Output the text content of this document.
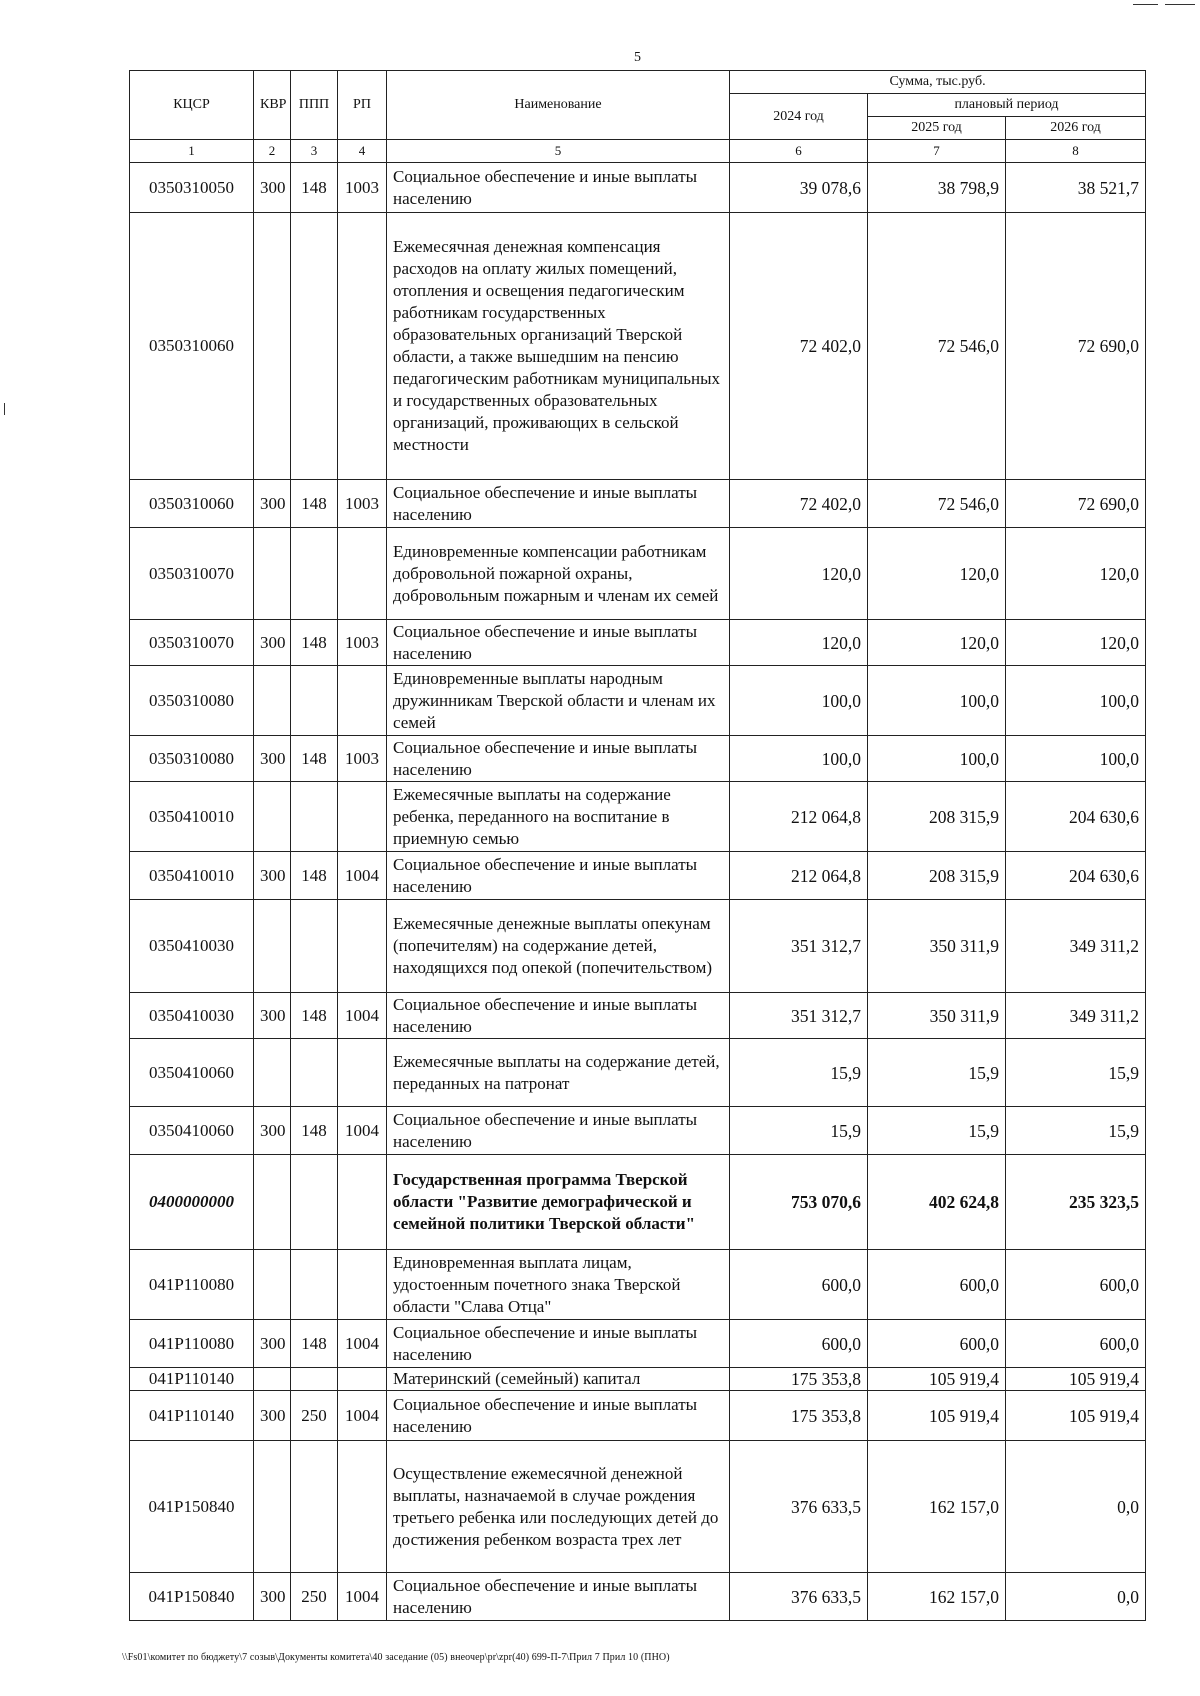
5
КЦСР	КВР	ППП	РП	Наименование	Сумма, тыс.руб.		
					2024 год	плановый период	
						2025 год	2026 год
1	2	3	4	5	6	7	8
0350310050	300	148	1003	Социальное обеспечение и иные выплаты населению	39 078,6	38 798,9	38 521,7
0350310060				Ежемесячная денежная компенсация расходов на оплату жилых помещений, отопления и освещения педагогическим работникам государственных образовательных организаций Тверской области, а также вышедшим на пенсию педагогическим работникам муниципальных и государственных образовательных организаций, проживающих в сельской местности	72 402,0	72 546,0	72 690,0
0350310060	300	148	1003	Социальное обеспечение и иные выплаты населению	72 402,0	72 546,0	72 690,0
0350310070				Единовременные компенсации работникам добровольной пожарной охраны, добровольным пожарным и членам их семей	120,0	120,0	120,0
0350310070	300	148	1003	Социальное обеспечение и иные выплаты населению	120,0	120,0	120,0
0350310080				Единовременные выплаты народным дружинникам Тверской области и членам их семей	100,0	100,0	100,0
0350310080	300	148	1003	Социальное обеспечение и иные выплаты населению	100,0	100,0	100,0
0350410010				Ежемесячные выплаты на содержание ребенка, переданного на воспитание в приемную семью	212 064,8	208 315,9	204 630,6
0350410010	300	148	1004	Социальное обеспечение и иные выплаты населению	212 064,8	208 315,9	204 630,6
0350410030				Ежемесячные денежные выплаты опекунам (попечителям) на содержание детей, находящихся под опекой (попечительством)	351 312,7	350 311,9	349 311,2
0350410030	300	148	1004	Социальное обеспечение и иные выплаты населению	351 312,7	350 311,9	349 311,2
0350410060				Ежемесячные выплаты на содержание детей, переданных на патронат	15,9	15,9	15,9
0350410060	300	148	1004	Социальное обеспечение и иные выплаты населению	15,9	15,9	15,9
0400000000				Государственная программа Тверской области "Развитие демографической и семейной политики Тверской области"	753 070,6	402 624,8	235 323,5
041P110080				Единовременная выплата лицам, удостоенным почетного знака Тверской области "Слава Отца"	600,0	600,0	600,0
041P110080	300	148	1004	Социальное обеспечение и иные выплаты населению	600,0	600,0	600,0
041P110140				Материнский (семейный) капитал	175 353,8	105 919,4	105 919,4
041P110140	300	250	1004	Социальное обеспечение и иные выплаты населению	175 353,8	105 919,4	105 919,4
041P150840				Осуществление ежемесячной денежной выплаты, назначаемой в случае рождения третьего ребенка или последующих детей до достижения ребенком возраста трех лет	376 633,5	162 157,0	0,0
041P150840	300	250	1004	Социальное обеспечение и иные выплаты населению	376 633,5	162 157,0	0,0
\\Fs01\комитет по бюджету\7 созыв\Документы комитета\40 заседание (05) внеочер\pr\zpr(40) 699-П-7\Прил 7 Прил 10 (ПНО)
